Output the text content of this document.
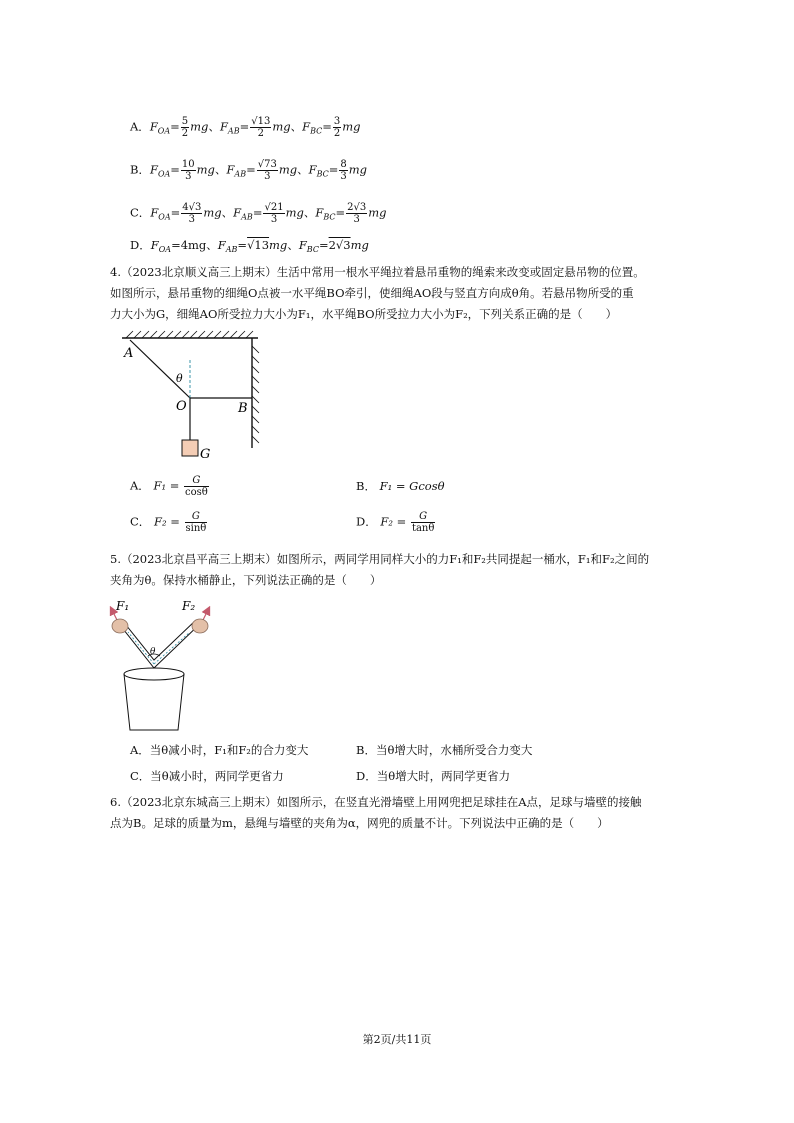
A．$F_{OA}= \frac{5}{2}$ mg、$F_{AB}= \frac{√13}{2}$ mg、$F_{BC}= \frac{3}{2}$ mg
B．$F_{OA}= \frac{10}{3}$ mg、$F_{AB}= \frac{√73}{3}$ mg、$F_{BC}= \frac{8}{3}$ mg
C．$F_{OA}= \frac{4√3}{3}$ mg、$F_{AB}= \frac{√21}{3}$ mg、$F_{BC}= \frac{2√3}{3}$ mg
D．$F_{OA}=4mg$、$F_{AB}=√13mg$、$F_{BC}=2√3mg$
4.（2023北京顺义高三上期末）生活中常用一根水平绳拉着悬吊重物的绳索来改变或固定悬吊物的位置。
如图所示，悬吊重物的细绳O点被一水平绳BO牵引，使细绳AO段与竖直方向成θ角。若悬吊物所受的重
力大小为G，细绳AO所受拉力大小为F₁，水平绳BO所受拉力大小为F₂，下列关系正确的是（　　）
A
O	B
G
θ
A． $F_1 = \frac{G}{\cos\theta}$	B． F₁ = Gcosθ
C． $F_2 = \frac{G}{\sin\theta}$	D． $F_2 = \frac{G}{\tan\theta}$
5.（2023北京昌平高三上期末）如图所示，两同学用同样大小的力F₁和F₂共同提起一桶水，F₁和F₂之间的
夹角为θ。保持水桶静止，下列说法正确的是（　　）
F₁	F₂
θ
A．当θ减小时，F₁和F₂的合力变大	B．当θ增大时，水桶所受合力变大
C．当θ减小时，两同学更省力	D．当θ增大时，两同学更省力
6.（2023北京东城高三上期末）如图所示，在竖直光滑墙壁上用网兜把足球挂在A点，足球与墙壁的接触
点为B。足球的质量为m，悬绳与墙壁的夹角为α，网兜的质量不计。下列说法中正确的是（　　）
第2页/共11页
